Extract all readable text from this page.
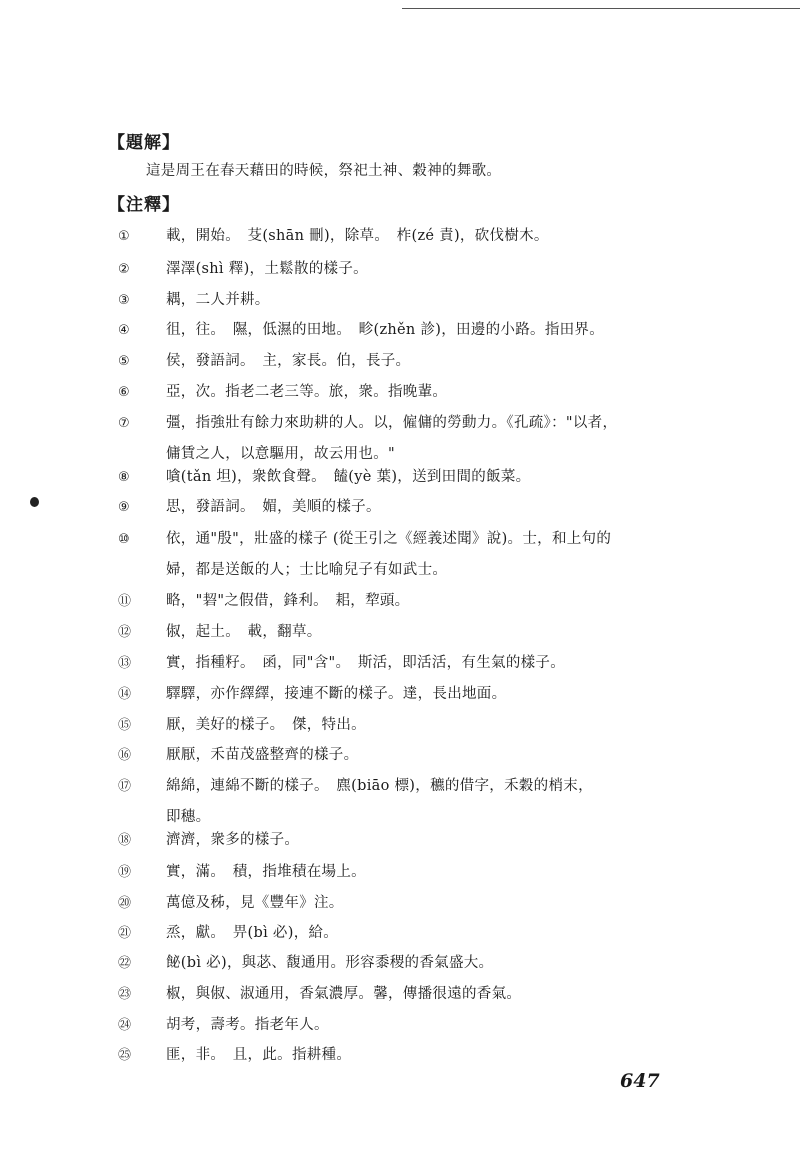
【題解】
這是周王在春天藉田的時候，祭祀土神、穀神的舞歌。
【注釋】
①	載，開始。　芟(shān 刪)，除草。　柞(zé 責)，砍伐樹木。
②	澤澤(shì 釋)，土鬆散的樣子。
③	耦，二人并耕。
④	徂，往。　隰，低濕的田地。　畛(zhěn 診)，田邊的小路。指田界。
⑤	侯，發語詞。　主，家長。伯，長子。
⑥	亞，次。指老二老三等。旅，衆。指晚輩。
⑦	彊，指強壯有餘力來助耕的人。以，僱傭的勞動力。《孔疏》："以者，
傭賃之人，以意驅用，故云用也。"
⑧	嗿(tǎn 坦)，衆飲食聲。　饁(yè 葉)，送到田間的飯菜。
⑨	思，發語詞。　媚，美順的樣子。
⑩	依，通"殷"，壯盛的樣子 (從王引之《經義述聞》說)。士，和上句的
婦，都是送飯的人；士比喻兒子有如武士。
⑪	略，"䂮"之假借，鋒利。　耜，犂頭。
⑫	俶，起土。　載，翻草。
⑬	實，指種籽。　函，同"含"。　斯活，即活活，有生氣的樣子。
⑭	驛驛，亦作繹繹，接連不斷的樣子。達，長出地面。
⑮	厭，美好的樣子。　傑，特出。
⑯	厭厭，禾苗茂盛整齊的樣子。
⑰	綿綿，連綿不斷的樣子。　麃(biāo 標)，穮的借字，禾穀的梢末，
即穗。
⑱	濟濟，衆多的樣子。
⑲	實，滿。　積，指堆積在場上。
⑳	萬億及秭，見《豐年》注。
㉑	烝，獻。　畀(bì 必)，給。
㉒	飶(bì 必)，與苾、馥通用。形容黍稷的香氣盛大。
㉓	椒，與俶、淑通用，香氣濃厚。馨，傳播很遠的香氣。
㉔	胡考，壽考。指老年人。
㉕	匪，非。　且，此。指耕種。
647
